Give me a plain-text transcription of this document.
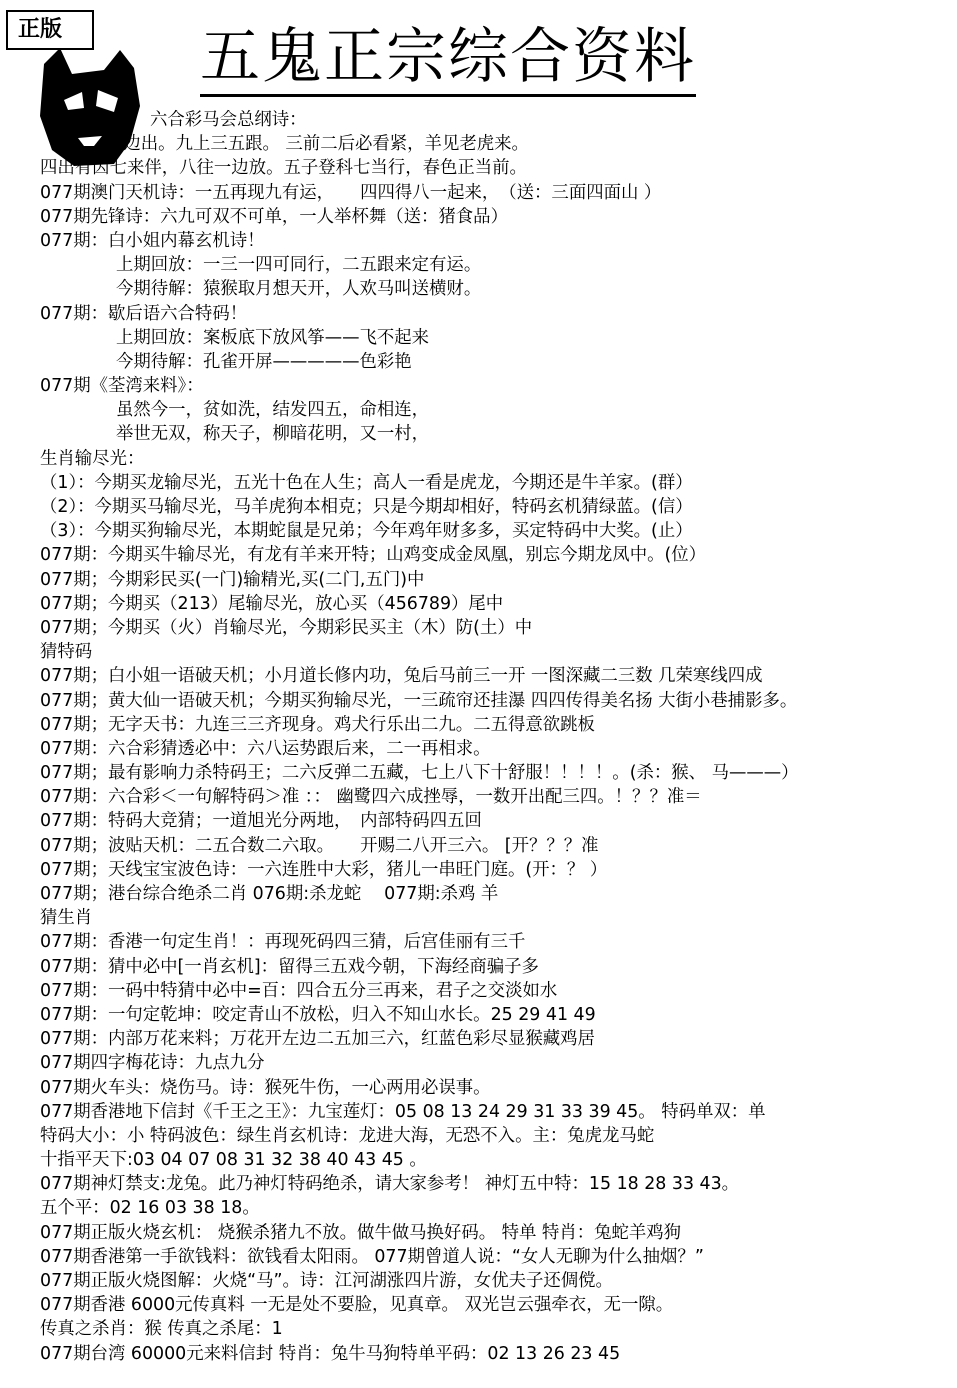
正版	五鬼正宗综合资料
六合彩马会总纲诗：
两边出。九上三五跟。 三前二后必看紧，羊见老虎来。
四出有因七来伴，八往一边放。五子登科七当行，春色正当前。
077期澳门天机诗：一五再现九有运，　　四四得八一起来，　（送：三面四面山 ）
077期先锋诗：六九可双不可单，一人举杯舞（送：猪食品）
077期：白小姐内幕玄机诗！
上期回放：一三一四可同行，二五跟来定有运。
今期待解：猿猴取月想天开，人欢马叫送横财。
077期：歇后语六合特码！
上期回放：案板底下放风筝——飞不起来
今期待解：孔雀开屏—————色彩艳
077期《荃湾来料》：
虽然今一，贫如洗，结发四五，命相连，
举世无双，称天子，柳暗花明，又一村，
生肖输尽光：
（1）：今期买龙输尽光，五光十色在人生；高人一看是虎龙，今期还是牛羊家。(群）
（2）：今期买马输尽光，马羊虎狗本相克；只是今期却相好，特码玄机猜绿蓝。(信）
（3）：今期买狗输尽光，本期蛇鼠是兄弟；今年鸡年财多多，买定特码中大奖。(止）
077期：今期买牛输尽光，有龙有羊来开特；山鸡变成金凤凰，别忘今期龙凤中。(位）
077期；今期彩民买(一门)输精光,买(二门,五门)中
077期；今期买（213）尾输尽光，放心买（456789）尾中
077期；今期买（火）肖输尽光，今期彩民买主（木）防(土）中
猜特码
077期；白小姐一语破天机；小月道长修内功，兔后马前三一开 一图深藏二三数 几荣寒线四成
077期；黄大仙一语破天机；今期买狗输尽光，一三疏帘还挂瀑 四四传得美名扬 大街小巷捕影多。
077期；无字天书：九连三三齐现身。鸡犬行乐出二九。二五得意欲跳板
077期：六合彩猜透必中：六八运势跟后来，二一再相求。
077期；最有影响力杀特码王；二六反弹二五藏，七上八下十舒服！！！！。(杀：猴、 马———）
077期：六合彩＜一句解特码＞准 ：： 幽鹭四六成挫辱，一数开出配三四。！？？准＝
077期：特码大竞猜；一道旭光分两地，　内部特码四五回
077期；波贴天机：二五合数二六取。　　开赐二八开三六。 [开？？？准
077期；天线宝宝波色诗：一六连胜中大彩，猪儿一串旺门庭。(开：？ ）
077期；港台综合绝杀二肖 076期:杀龙蛇　 077期:杀鸡 羊
猜生肖
077期：香港一句定生肖！：再现死码四三猜，后宫佳丽有三千
077期：猜中必中[一肖玄机]：留得三五戏今朝，下海经商骗子多
077期：一码中特猜中必中=百：四合五分三再来，君子之交淡如水
077期：一句定乾坤：咬定青山不放松，归入不知山水长。25 29 41 49
077期：内部万花来料；万花开左边二五加三六，红蓝色彩尽显猴藏鸡居
077期四字梅花诗：九点九分
077期火车头：烧伤马。诗：猴死牛伤，一心两用必误事。
077期香港地下信封《千王之王》：九宝莲灯：05 08 13 24 29 31 33 39 45。 特码单双：单
特码大小：小 特码波色：绿生肖玄机诗：龙进大海，无恐不入。主：兔虎龙马蛇
十指平天下:03 04 07 08 31 32 38 40 43 45 。
077期神灯禁支:龙兔。此乃神灯特码绝杀，请大家参考！ 神灯五中特：15 18 28 33 43。
五个平：02 16 03 38 18。
077期正版火烧玄机： 烧猴杀猪九不放。做牛做马换好码。 特单 特肖：兔蛇羊鸡狗
077期香港第一手欲钱料：欲钱看太阳雨。 077期曾道人说：“女人无聊为什么抽烟？”
077期正版火烧图解：火烧“马”。诗：江河湖涨四片游，女优夫子还倜傥。
077期香港 6000元传真料 一无是处不要脸，见真章。 双光岂云强牵衣，无一隙。
传真之杀肖：猴 传真之杀尾：1
077期台湾 60000元来料信封 特肖：兔牛马狗特单平码：02 13 26 23 45
